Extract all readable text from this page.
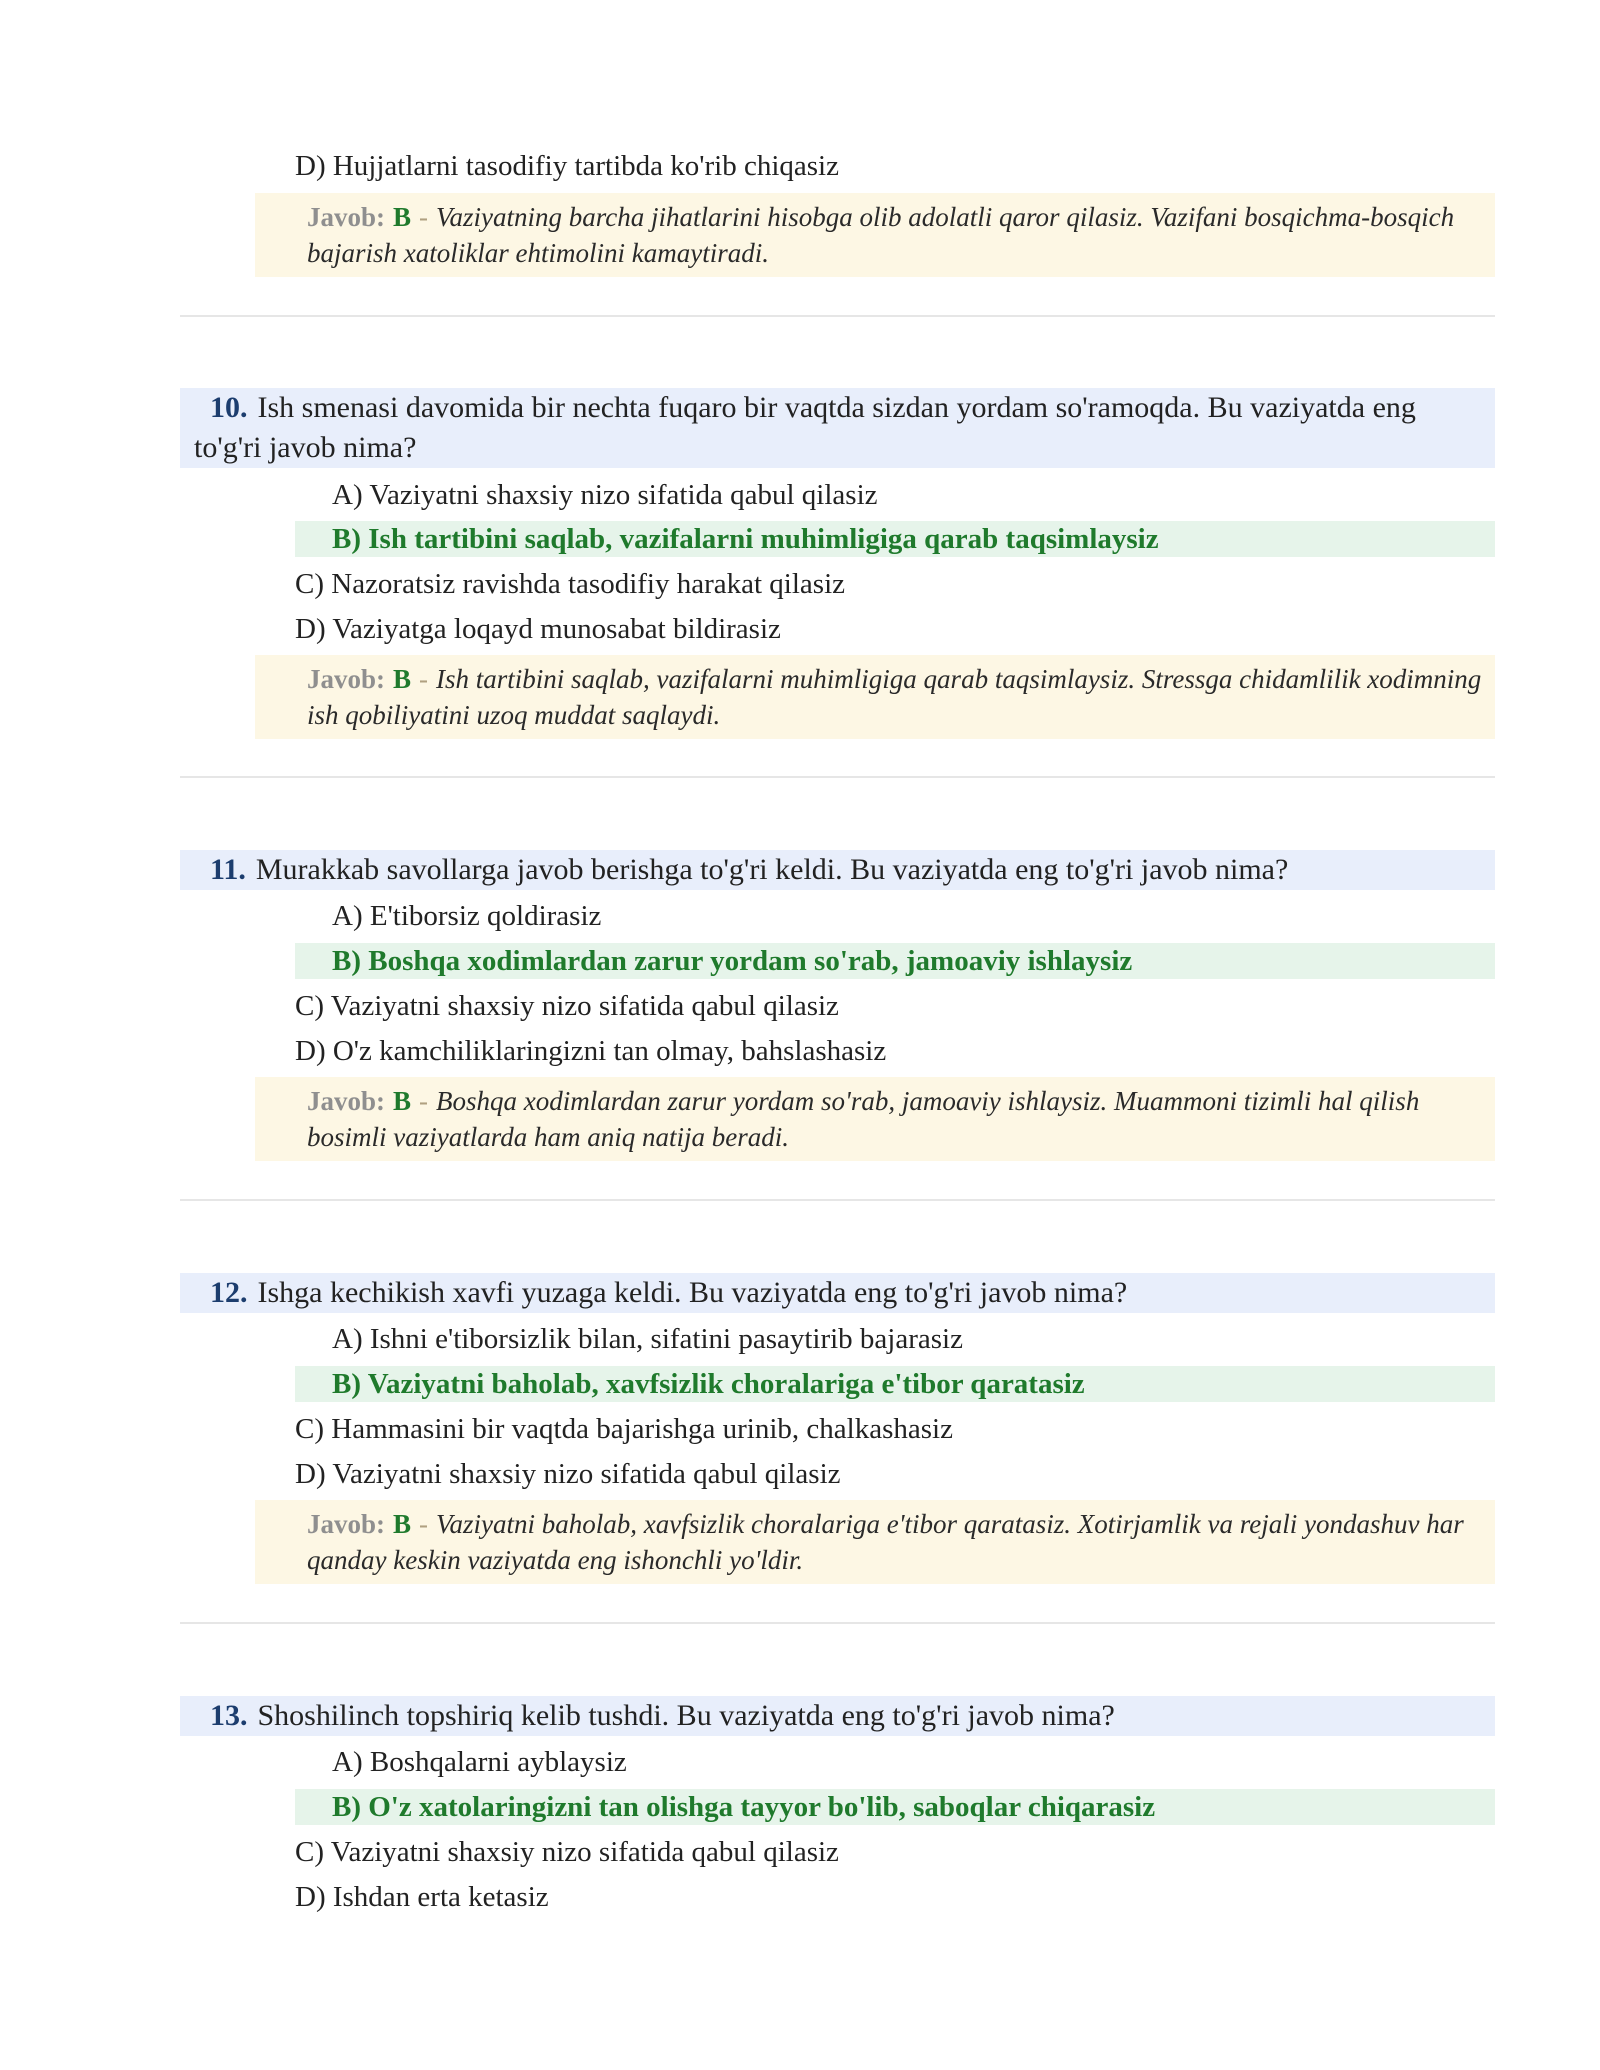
D) Hujjatlarni tasodifiy tartibda ko'rib chiqasiz
Javob: B - Vaziyatning barcha jihatlarini hisobga olib adolatli qaror qilasiz. Vazifani bosqichma-bosqich bajarish xatoliklar ehtimolini kamaytiradi.
10. Ish smenasi davomida bir nechta fuqaro bir vaqtda sizdan yordam so'ramoqda. Bu vaziyatda eng to'g'ri javob nima?
A) Vaziyatni shaxsiy nizo sifatida qabul qilasiz
B) Ish tartibini saqlab, vazifalarni muhimligiga qarab taqsimlaysiz
C) Nazoratsiz ravishda tasodifiy harakat qilasiz
D) Vaziyatga loqayd munosabat bildirasiz
Javob: B - Ish tartibini saqlab, vazifalarni muhimligiga qarab taqsimlaysiz. Stressga chidamlilik xodimning ish qobiliyatini uzoq muddat saqlaydi.
11. Murakkab savollarga javob berishga to'g'ri keldi. Bu vaziyatda eng to'g'ri javob nima?
A) E'tiborsiz qoldirasiz
B) Boshqa xodimlardan zarur yordam so'rab, jamoaviy ishlaysiz
C) Vaziyatni shaxsiy nizo sifatida qabul qilasiz
D) O'z kamchiliklaringizni tan olmay, bahslashasiz
Javob: B - Boshqa xodimlardan zarur yordam so'rab, jamoaviy ishlaysiz. Muammoni tizimli hal qilish bosimli vaziyatlarda ham aniq natija beradi.
12. Ishga kechikish xavfi yuzaga keldi. Bu vaziyatda eng to'g'ri javob nima?
A) Ishni e'tiborsizlik bilan, sifatini pasaytirib bajarasiz
B) Vaziyatni baholab, xavfsizlik choralariga e'tibor qaratasiz
C) Hammasini bir vaqtda bajarishga urinib, chalkashasiz
D) Vaziyatni shaxsiy nizo sifatida qabul qilasiz
Javob: B - Vaziyatni baholab, xavfsizlik choralariga e'tibor qaratasiz. Xotirjamlik va rejali yondashuv har qanday keskin vaziyatda eng ishonchli yo'ldir.
13. Shoshilinch topshiriq kelib tushdi. Bu vaziyatda eng to'g'ri javob nima?
A) Boshqalarni ayblaysiz
B) O'z xatolaringizni tan olishga tayyor bo'lib, saboqlar chiqarasiz
C) Vaziyatni shaxsiy nizo sifatida qabul qilasiz
D) Ishdan erta ketasiz
